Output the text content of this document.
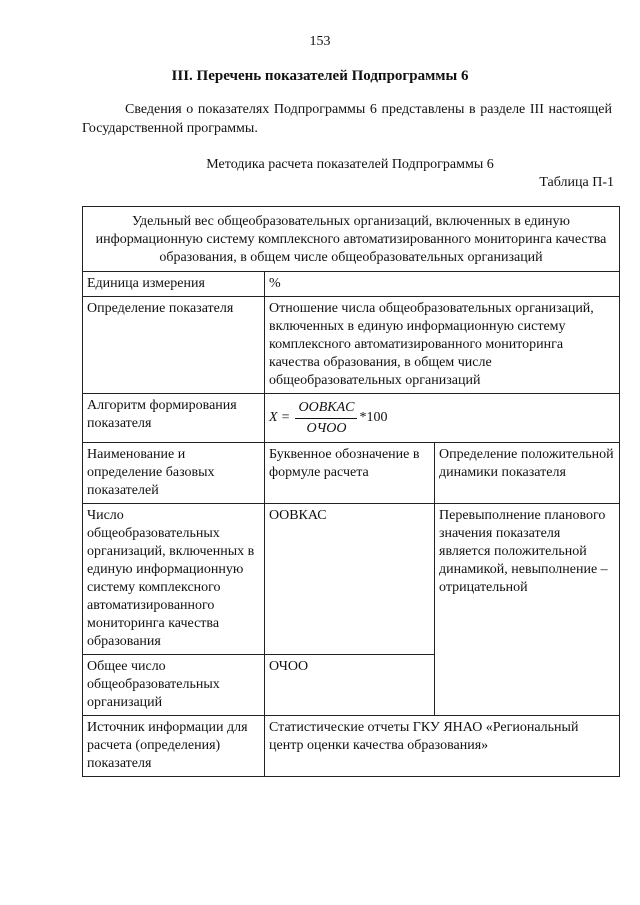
153
III. Перечень показателей Подпрограммы 6

Сведения о показателях Подпрограммы 6 представлены в разделе III настоящей Государственной программы.

Методика расчета показателей Подпрограммы 6
Таблица П-1
Удельный вес общеобразовательных организаций, включенных в единую информационную систему комплексного автоматизированного мониторинга качества образования, в общем числе общеобразовательных организаций		
Единица измерения	%	
Определение показателя	Отношение числа общеобразовательных организаций, включенных в единую информационную систему комплексного автоматизированного мониторинга качества образования, в общем числе общеобразовательных организаций	
Алгоритм формирования показателя	$X = \frac{\text{OOBKAC}}{\text{OЧOO}} *100$	

Наименование и определение базовых показателей	Буквенное обозначение в формуле расчета	Определение положительной динамики показателя
Число общеобразовательных организаций, включенных в единую информационную систему комплексного автоматизированного мониторинга качества образования	ООВКАС	Перевыполнение планового значения показателя является положительной динамикой, невыполнение – отрицательной
Общее число общеобразовательных организаций	ОЧОО	
Источник информации для расчета (определения) показателя	Статистические отчеты ГКУ ЯНАО «Региональный центр оценки качества образования»	
